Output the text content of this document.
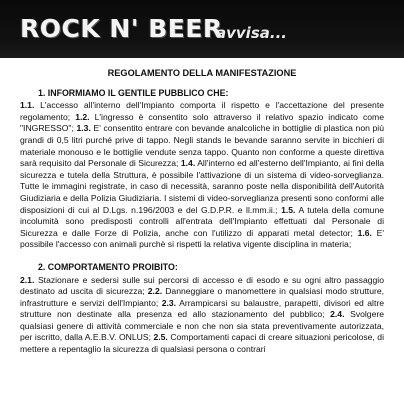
ROCK N' BEER
avvisa...
REGOLAMENTO DELLA MANIFESTAZIONE
1. INFORMIAMO IL GENTILE PUBBLICO CHE:

1.1. L'accesso all'interno dell'Impianto comporta il rispetto e l'accettazione del presente regolamento; 1.2. L'ingresso è consentito solo attraverso il relativo spazio indicato come "INGRESSO"; 1.3. E' consentito entrare con bevande analcoliche in bottiglie di plastica non più grandi di 0,5 litri purché prive di tappo. Negli stands le bevande saranno servite in bicchieri di materiale monouso e le bottiglie vendute senza tappo. Quanto non conforme a queste direttiva sarà requisito dal Personale di Sicurezza; 1.4. All'interno ed all'esterno dell'Impianto, ai fini della sicurezza e tutela della Struttura, è possibile l'attivazione di un sistema di video-sorveglianza. Tutte le immagini registrate, in caso di necessità, saranno poste nella disponibilità dell'Autorità Giudiziaria e della Polizia Giudiziaria. I sistemi di video-sorveglianza presenti sono conformi alle disposizioni di cui al D.Lgs. n.196/2003 e del G.D.P.R. e ll.mm.ii.; 1.5. A tutela della comune incolumità sono predisposti controlli all'entrata dell'Impianto effettuati dal Personale di Sicurezza e dalle Forze di Polizia, anche con l'utilizzo di apparati metal detector; 1.6. E' possibile l'accesso con animali purchè si rispetti la relativa vigente disciplina in materia;

2. COMPORTAMENTO PROIBITO:

2.1. Stazionare e sedersi sulle sui percorsi di accesso e di esodo e su ogni altro passaggio destinato ad uscita di sicurezza; 2.2. Danneggiare o manomettere in qualsiasi modo strutture, infrastrutture e servizi dell'Impianto; 2.3. Arrampicarsi su balaustre, parapetti, divisori ed altre strutture non destinate alla presenza ed allo stazionamento del pubblico; 2.4. Svolgere qualsiasi genere di attività commerciale e non che non sia stata preventivamente autorizzata, per iscritto, dalla A.E.B.V. ONLUS; 2.5. Comportamenti capaci di creare situazioni pericolose, di mettere a repentaglio la sicurezza di qualsiasi persona o contrari
